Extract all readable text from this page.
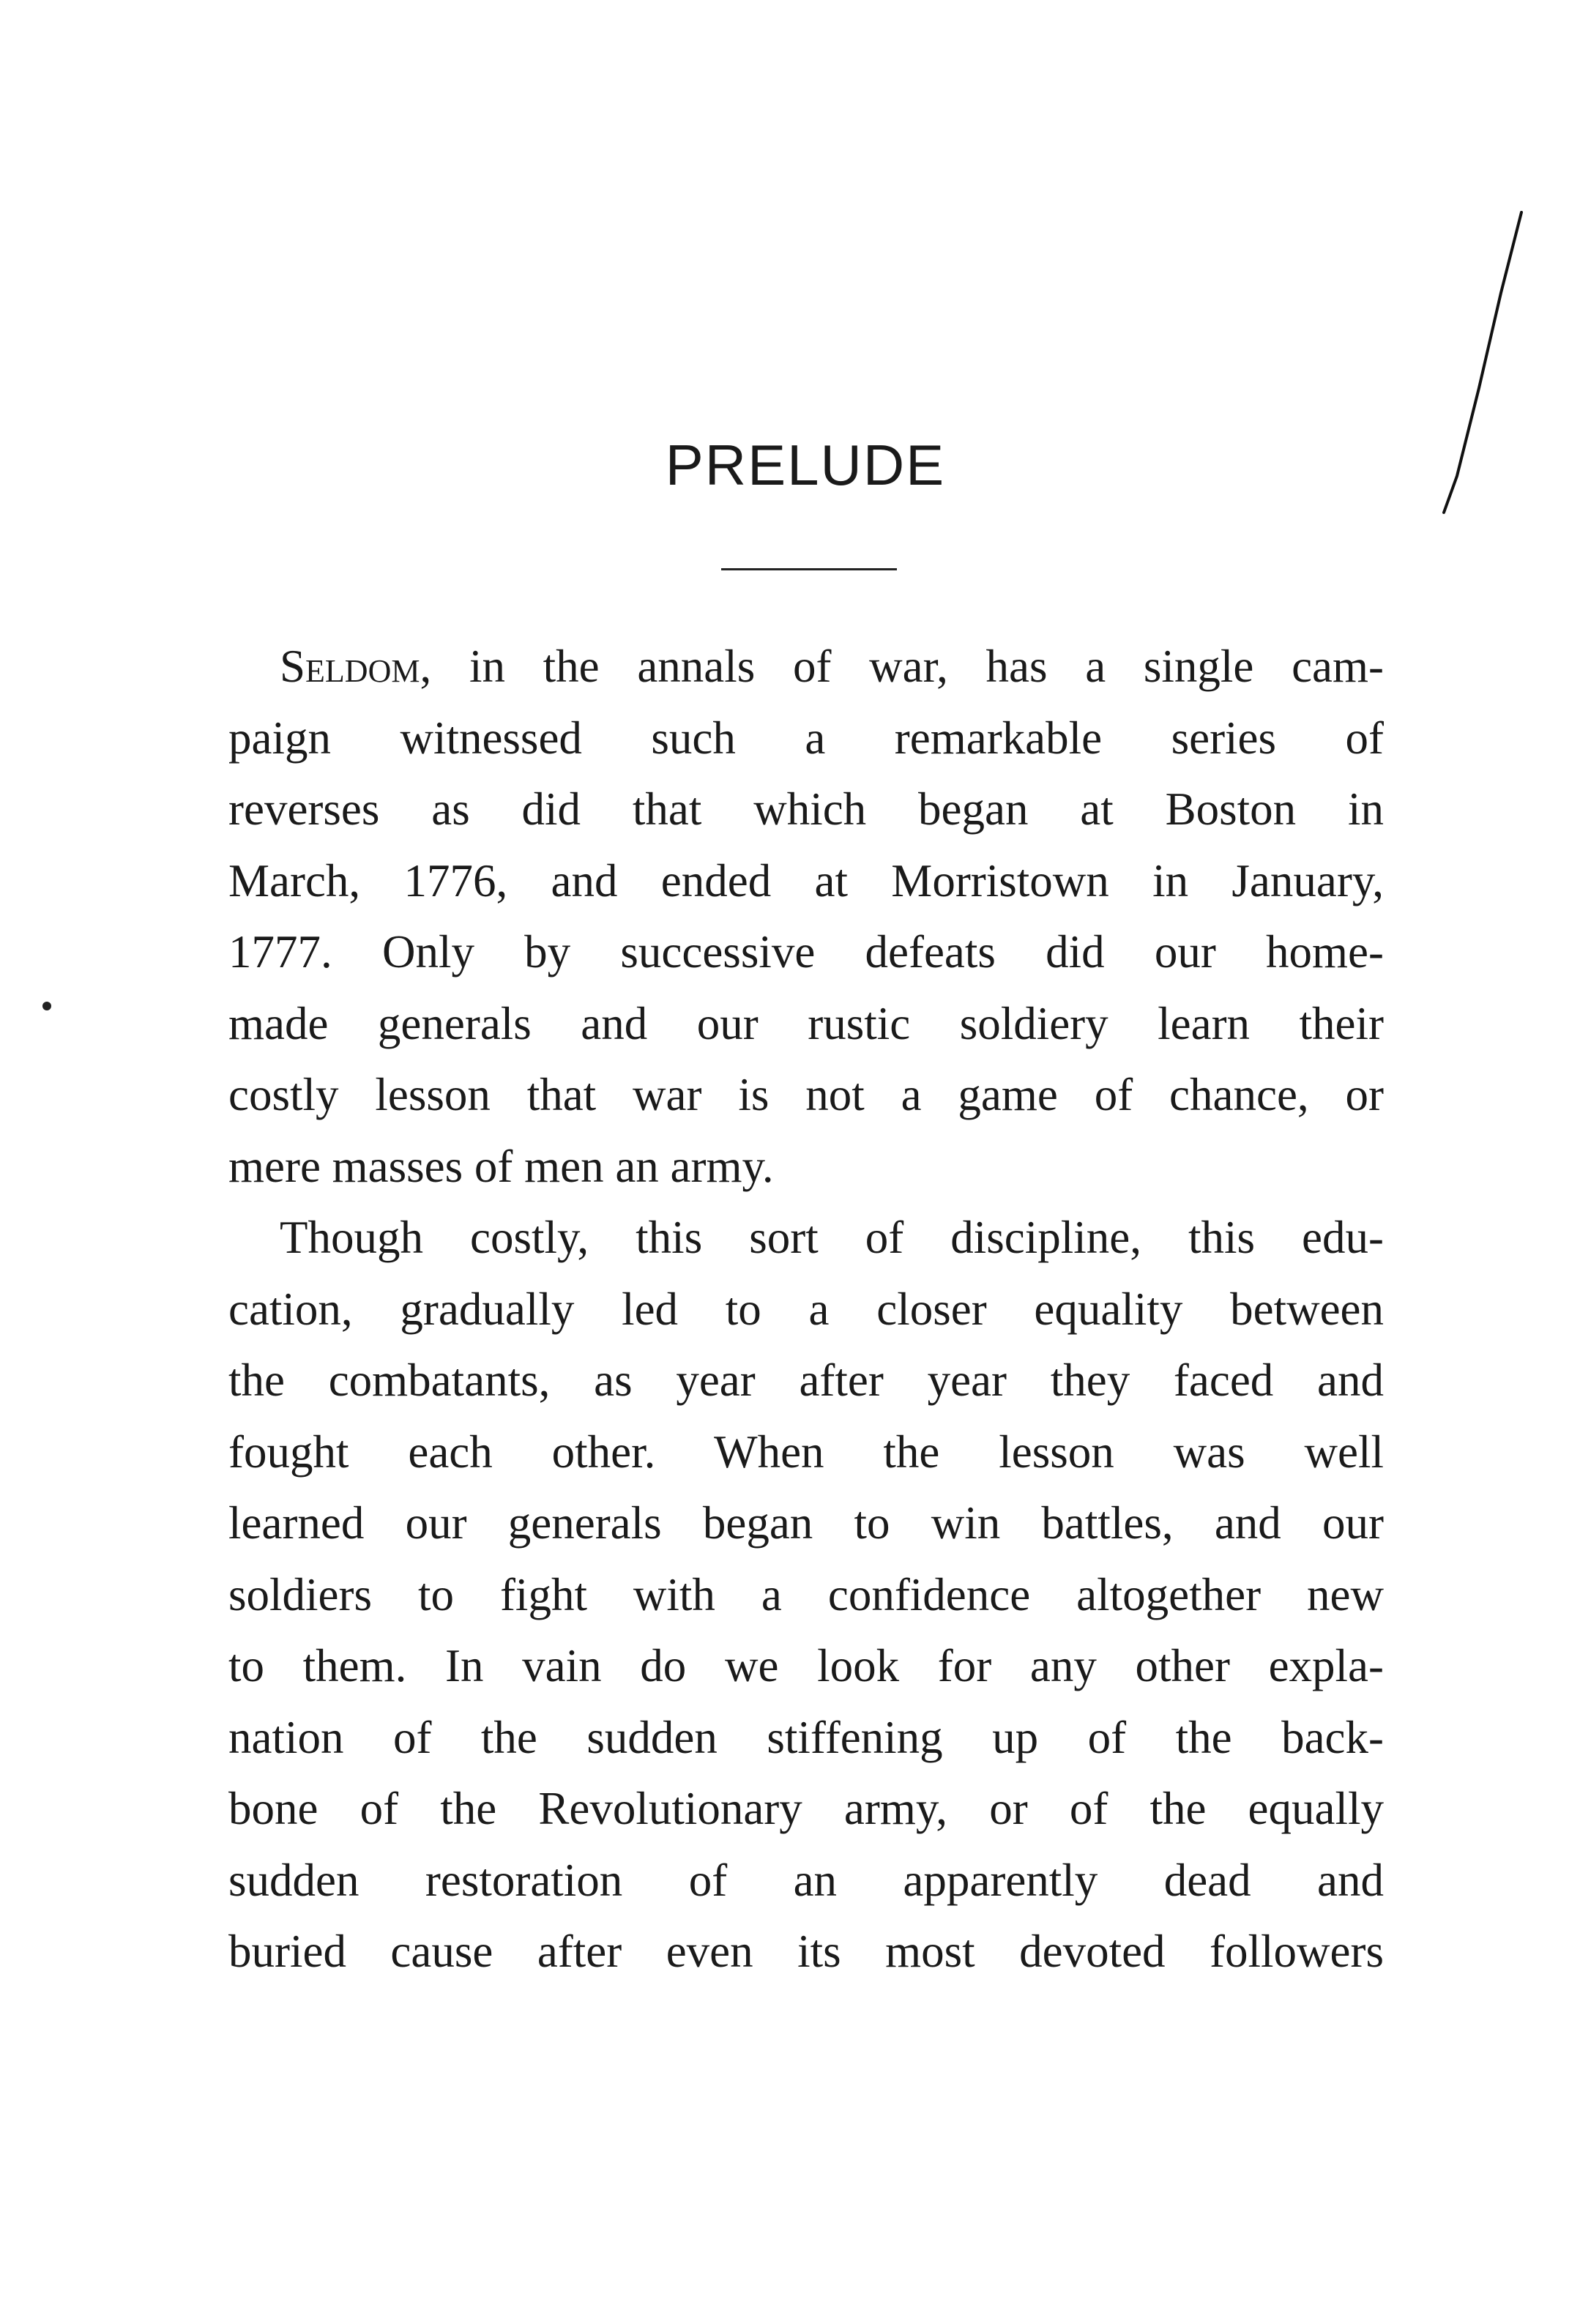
PRELUDE
Seldom, in the annals of war, has a single cam-
paign witnessed such a remarkable series of
reverses as did that which began at Boston in
March, 1776, and ended at Morristown in January,
1777. Only by successive defeats did our home-
made generals and our rustic soldiery learn their
costly lesson that war is not a game of chance, or
mere masses of men an army.
Though costly, this sort of discipline, this edu-
cation, gradually led to a closer equality between
the combatants, as year after year they faced and
fought each other. When the lesson was well
learned our generals began to win battles, and our
soldiers to fight with a confidence altogether new
to them. In vain do we look for any other expla-
nation of the sudden stiffening up of the back-
bone of the Revolutionary army, or of the equally
sudden restoration of an apparently dead and
buried cause after even its most devoted followers
